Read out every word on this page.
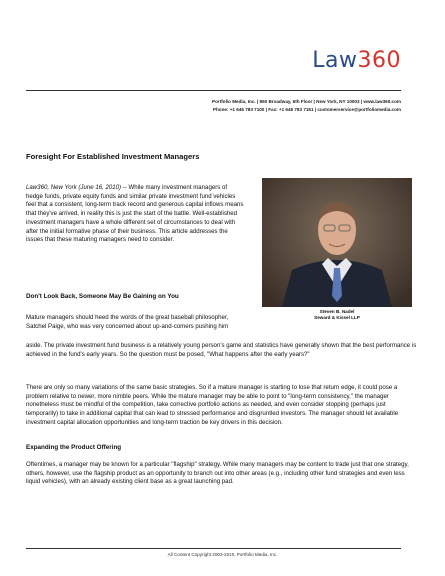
Law360
Portfolio Media, Inc. | 860 Broadway, 6th Floor | New York, NY 10003 | www.law360.com
Phone: +1 646 783 7100 | Fax: +1 646 783 7161 | customerservice@portfoliomedia.com
Foresight For Established Investment Managers

Law360, New York (June 16, 2010) -- While many investment managers of hedge funds, private equity funds and similar private investment fund vehicles feel that a consistent, long-term track record and generous capital inflows means that they've arrived, in reality this is just the start of the battle. Well-established investment managers have a whole different set of circumstances to deal with after the initial formative phase of their business. This article addresses the issues that these maturing managers need to consider.

Don't Look Back, Someone May Be Gaining on You
Mature managers should heed the words of the great baseball philosopher, Satchel Paige, who was very concerned about up-and-comers pushing him
Steven B. Nadel
Seward & Kissel LLP
aside. The private investment fund business is a relatively young person's game and statistics have generally shown that the best performance is achieved in the fund's early years. So the question must be posed, "What happens after the early years?"
There are only so many variations of the same basic strategies. So if a mature manager is starting to lose that return edge, it could pose a problem relative to newer, more nimble peers. While the mature manager may be able to point to "long-term consistency," the manager nonetheless must be mindful of the competition, take corrective portfolio actions as needed, and even consider stopping (perhaps just temporarily) to take in additional capital that can lead to stressed performance and disgruntled investors. The manager should let available investment capital allocation opportunities and long-term traction be key drivers in this decision.
Expanding the Product Offering
Oftentimes, a manager may be known for a particular "flagship" strategy. While many managers may be content to trade just that one strategy, others, however, use the flagship product as an opportunity to branch out into other areas (e.g., including other fund strategies and even less liquid vehicles), with an already existing client base as a great launching pad.
All Content Copyright 2003-2010, Portfolio Media, Inc.
